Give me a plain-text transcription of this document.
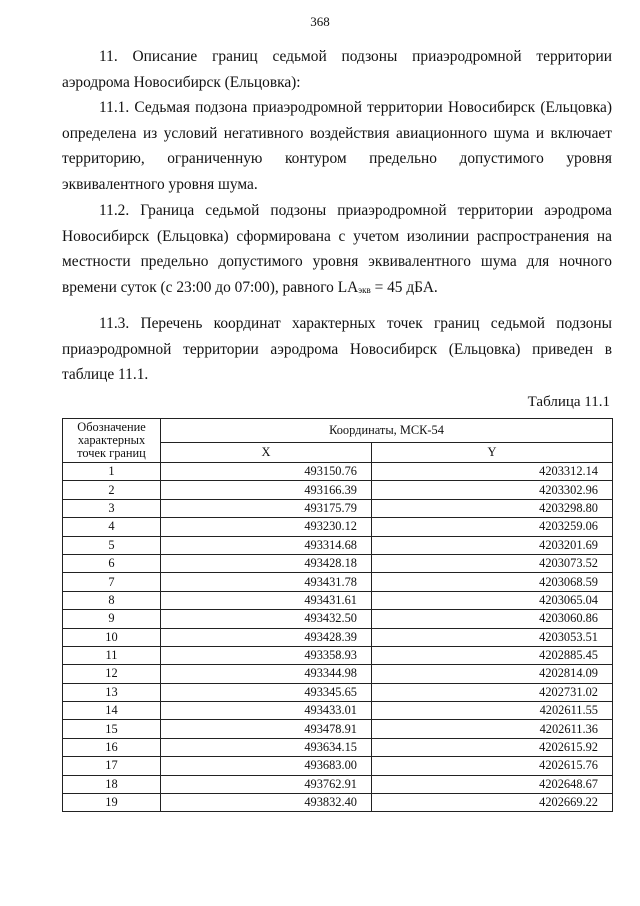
368

11. Описание границ седьмой подзоны приаэродромной территории аэродрома Новосибирск (Ельцовка):

11.1. Седьмая подзона приаэродромной территории Новосибирск (Ельцовка) определена из условий негативного воздействия авиационного шума и включает территорию, ограниченную контуром предельно допустимого уровня эквивалентного уровня шума.

11.2. Граница седьмой подзоны приаэродромной территории аэродрома Новосибирск (Ельцовка) сформирована с учетом изолинии распространения на местности предельно допустимого уровня эквивалентного шума для ночного времени суток (с 23:00 до 07:00), равного $LA_{экв} = 45$ дБА.

11.3. Перечень координат характерных точек границ седьмой подзоны приаэродромной территории аэродрома Новосибирск (Ельцовка) приведен в таблице 11.1.

Таблица 11.1
Обозначение характерных точек границ	Координаты, МСК-54	
	X	Y
1	493150.76	4203312.14
2	493166.39	4203302.96
3	493175.79	4203298.80
4	493230.12	4203259.06
5	493314.68	4203201.69
6	493428.18	4203073.52
7	493431.78	4203068.59
8	493431.61	4203065.04
9	493432.50	4203060.86
10	493428.39	4203053.51
11	493358.93	4202885.45
12	493344.98	4202814.09
13	493345.65	4202731.02
14	493433.01	4202611.55
15	493478.91	4202611.36
16	493634.15	4202615.92
17	493683.00	4202615.76
18	493762.91	4202648.67
19	493832.40	4202669.22
